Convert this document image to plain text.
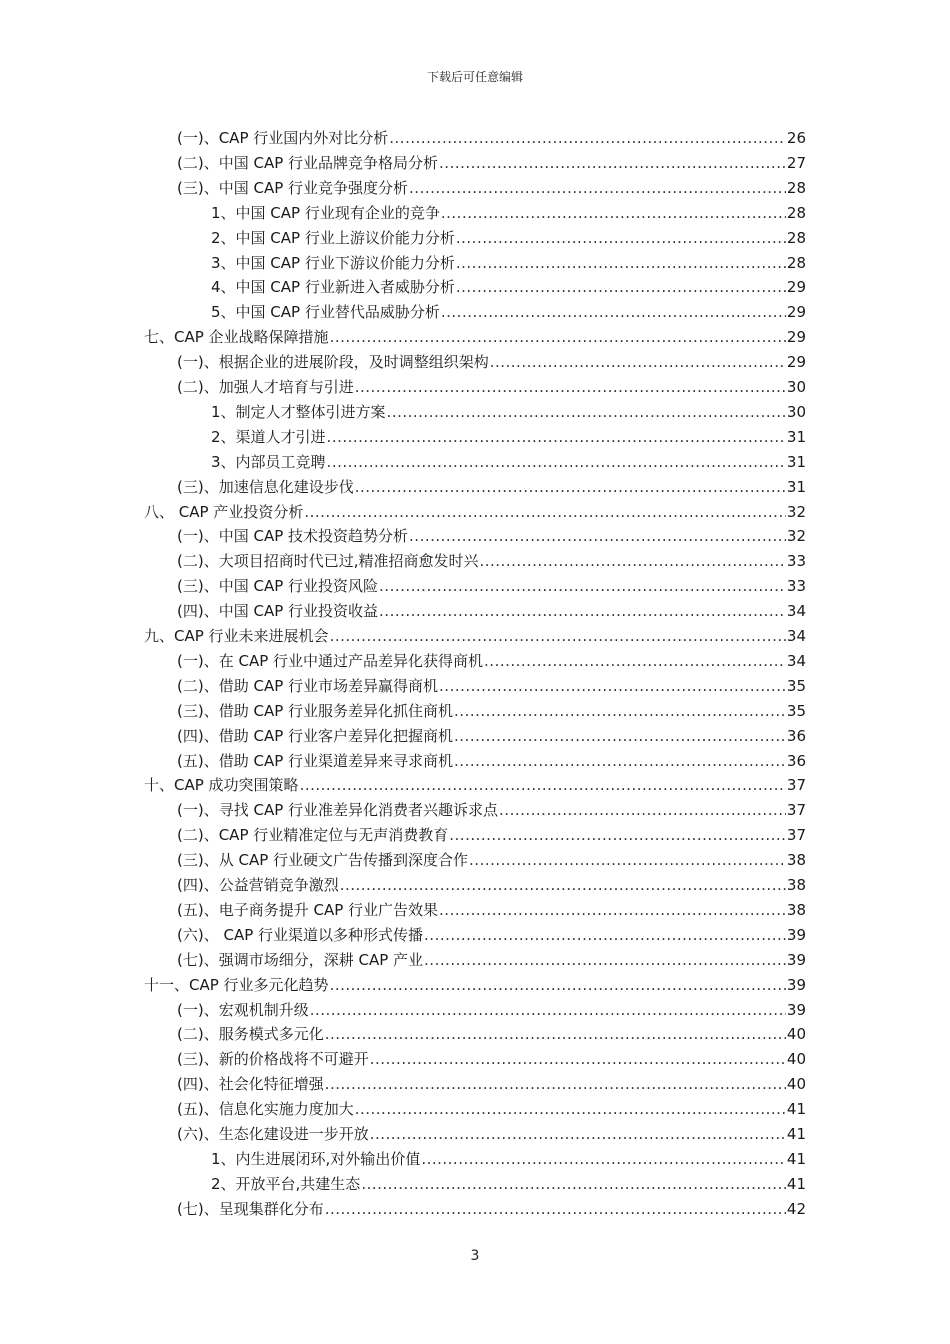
下载后可任意编辑
(一)、CAP 行业国内外对比分析 .....	26
(二)、中国 CAP 行业品牌竞争格局分析 .....	27
(三)、中国 CAP 行业竞争强度分析 .....	28
1、中国 CAP 行业现有企业的竞争 .....	28
2、中国 CAP 行业上游议价能力分析 .....	28
3、中国 CAP 行业下游议价能力分析 .....	28
4、中国 CAP 行业新进入者威胁分析 .....	29
5、中国 CAP 行业替代品威胁分析 .....	29
七、CAP 企业战略保障措施 .....	29
(一)、根据企业的进展阶段，及时调整组织架构 .....	29
(二)、加强人才培育与引进 .....	30
1、制定人才整体引进方案 .....	30
2、渠道人才引进 .....	31
3、内部员工竞聘 .....	31
(三)、加速信息化建设步伐 .....	31
八、 CAP 产业投资分析 .....	32
(一)、中国 CAP 技术投资趋势分析 .....	32
(二)、大项目招商时代已过,精准招商愈发时兴 .....	33
(三)、中国 CAP 行业投资风险 .....	33
(四)、中国 CAP 行业投资收益 .....	34
九、CAP 行业未来进展机会 .....	34
(一)、在 CAP 行业中通过产品差异化获得商机 .....	34
(二)、借助 CAP 行业市场差异赢得商机 .....	35
(三)、借助 CAP 行业服务差异化抓住商机 .....	35
(四)、借助 CAP 行业客户差异化把握商机 .....	36
(五)、借助 CAP 行业渠道差异来寻求商机 .....	36
十、CAP 成功突围策略 .....	37
(一)、寻找 CAP 行业准差异化消费者兴趣诉求点 .....	37
(二)、CAP 行业精准定位与无声消费教育 .....	37
(三)、从 CAP 行业硬文广告传播到深度合作 .....	38
(四)、公益营销竞争激烈 .....	38
(五)、电子商务提升 CAP 行业广告效果 .....	38
(六)、 CAP 行业渠道以多种形式传播 .....	39
(七)、强调市场细分，深耕 CAP 产业 .....	39
十一、CAP 行业多元化趋势 .....	39
(一)、宏观机制升级 .....	39
(二)、服务模式多元化 .....	40
(三)、新的价格战将不可避开 .....	40
(四)、社会化特征增强 .....	40
(五)、信息化实施力度加大 .....	41
(六)、生态化建设进一步开放 .....	41
1、内生进展闭环,对外输出价值 .....	41
2、开放平台,共建生态 .....	41
(七)、呈现集群化分布 .....	42
3
